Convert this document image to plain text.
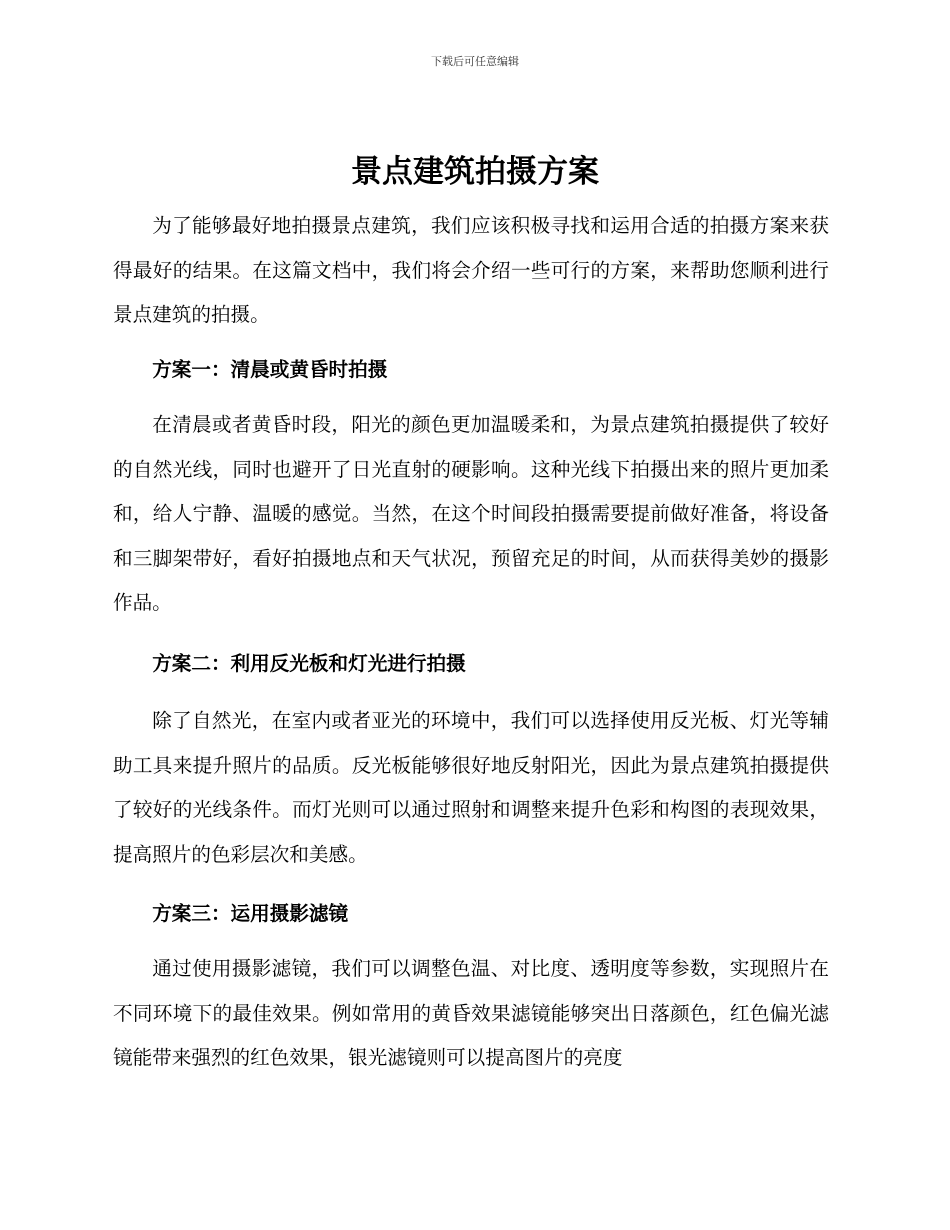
下载后可任意编辑
景点建筑拍摄方案

为了能够最好地拍摄景点建筑，我们应该积极寻找和运用合适的拍摄方案来获得最好的结果。在这篇文档中，我们将会介绍一些可行的方案，来帮助您顺利进行景点建筑的拍摄。

方案一：清晨或黄昏时拍摄

在清晨或者黄昏时段，阳光的颜色更加温暖柔和，为景点建筑拍摄提供了较好的自然光线，同时也避开了日光直射的硬影响。这种光线下拍摄出来的照片更加柔和，给人宁静、温暖的感觉。当然，在这个时间段拍摄需要提前做好准备，将设备和三脚架带好，看好拍摄地点和天气状况，预留充足的时间，从而获得美妙的摄影作品。

方案二：利用反光板和灯光进行拍摄

除了自然光，在室内或者亚光的环境中，我们可以选择使用反光板、灯光等辅助工具来提升照片的品质。反光板能够很好地反射阳光，因此为景点建筑拍摄提供了较好的光线条件。而灯光则可以通过照射和调整来提升色彩和构图的表现效果，提高照片的色彩层次和美感。

方案三：运用摄影滤镜

通过使用摄影滤镜，我们可以调整色温、对比度、透明度等参数，实现照片在不同环境下的最佳效果。例如常用的黄昏效果滤镜能够突出日落颜色，红色偏光滤镜能带来强烈的红色效果，银光滤镜则可以提高图片的亮度
